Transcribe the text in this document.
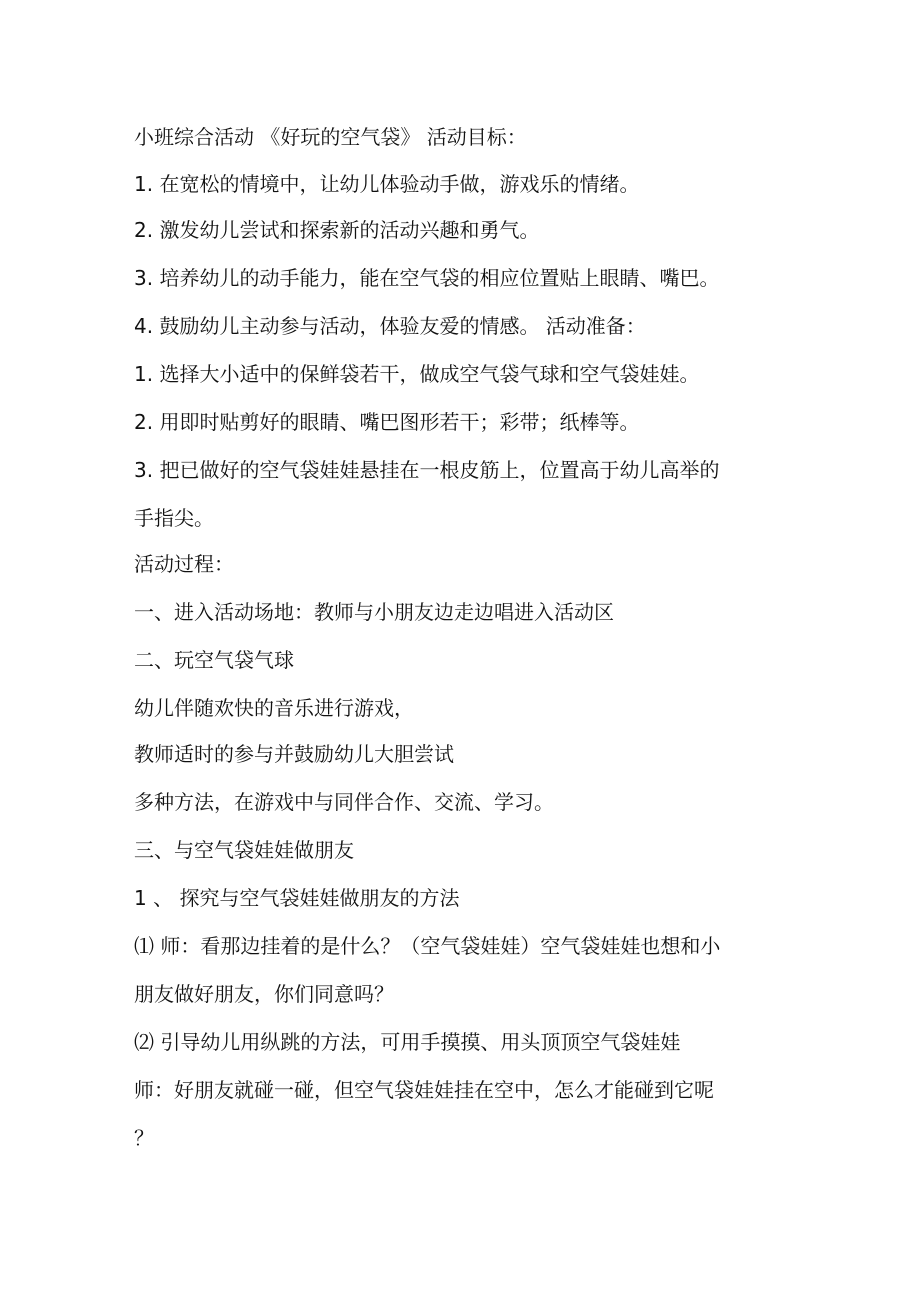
小班综合活动 《好玩的空气袋》 活动目标：
1. 在宽松的情境中，让幼儿体验动手做，游戏乐的情绪。
2. 激发幼儿尝试和探索新的活动兴趣和勇气。
3. 培养幼儿的动手能力，能在空气袋的相应位置贴上眼睛、嘴巴。
4. 鼓励幼儿主动参与活动，体验友爱的情感。 活动准备：
1. 选择大小适中的保鲜袋若干，做成空气袋气球和空气袋娃娃。
2. 用即时贴剪好的眼睛、嘴巴图形若干；彩带；纸棒等。
3. 把已做好的空气袋娃娃悬挂在一根皮筋上，位置高于幼儿高举的
手指尖。
活动过程：
一、进入活动场地：教师与小朋友边走边唱进入活动区
二、玩空气袋气球
幼儿伴随欢快的音乐进行游戏，
教师适时的参与并鼓励幼儿大胆尝试
多种方法，在游戏中与同伴合作、交流、学习。
三、与空气袋娃娃做朋友
1 、 探究与空气袋娃娃做朋友的方法
⑴ 师：看那边挂着的是什么？（空气袋娃娃）空气袋娃娃也想和小
朋友做好朋友，你们同意吗？
⑵ 引导幼儿用纵跳的方法，可用手摸摸、用头顶顶空气袋娃娃
师：好朋友就碰一碰，但空气袋娃娃挂在空中，怎么才能碰到它呢
？
